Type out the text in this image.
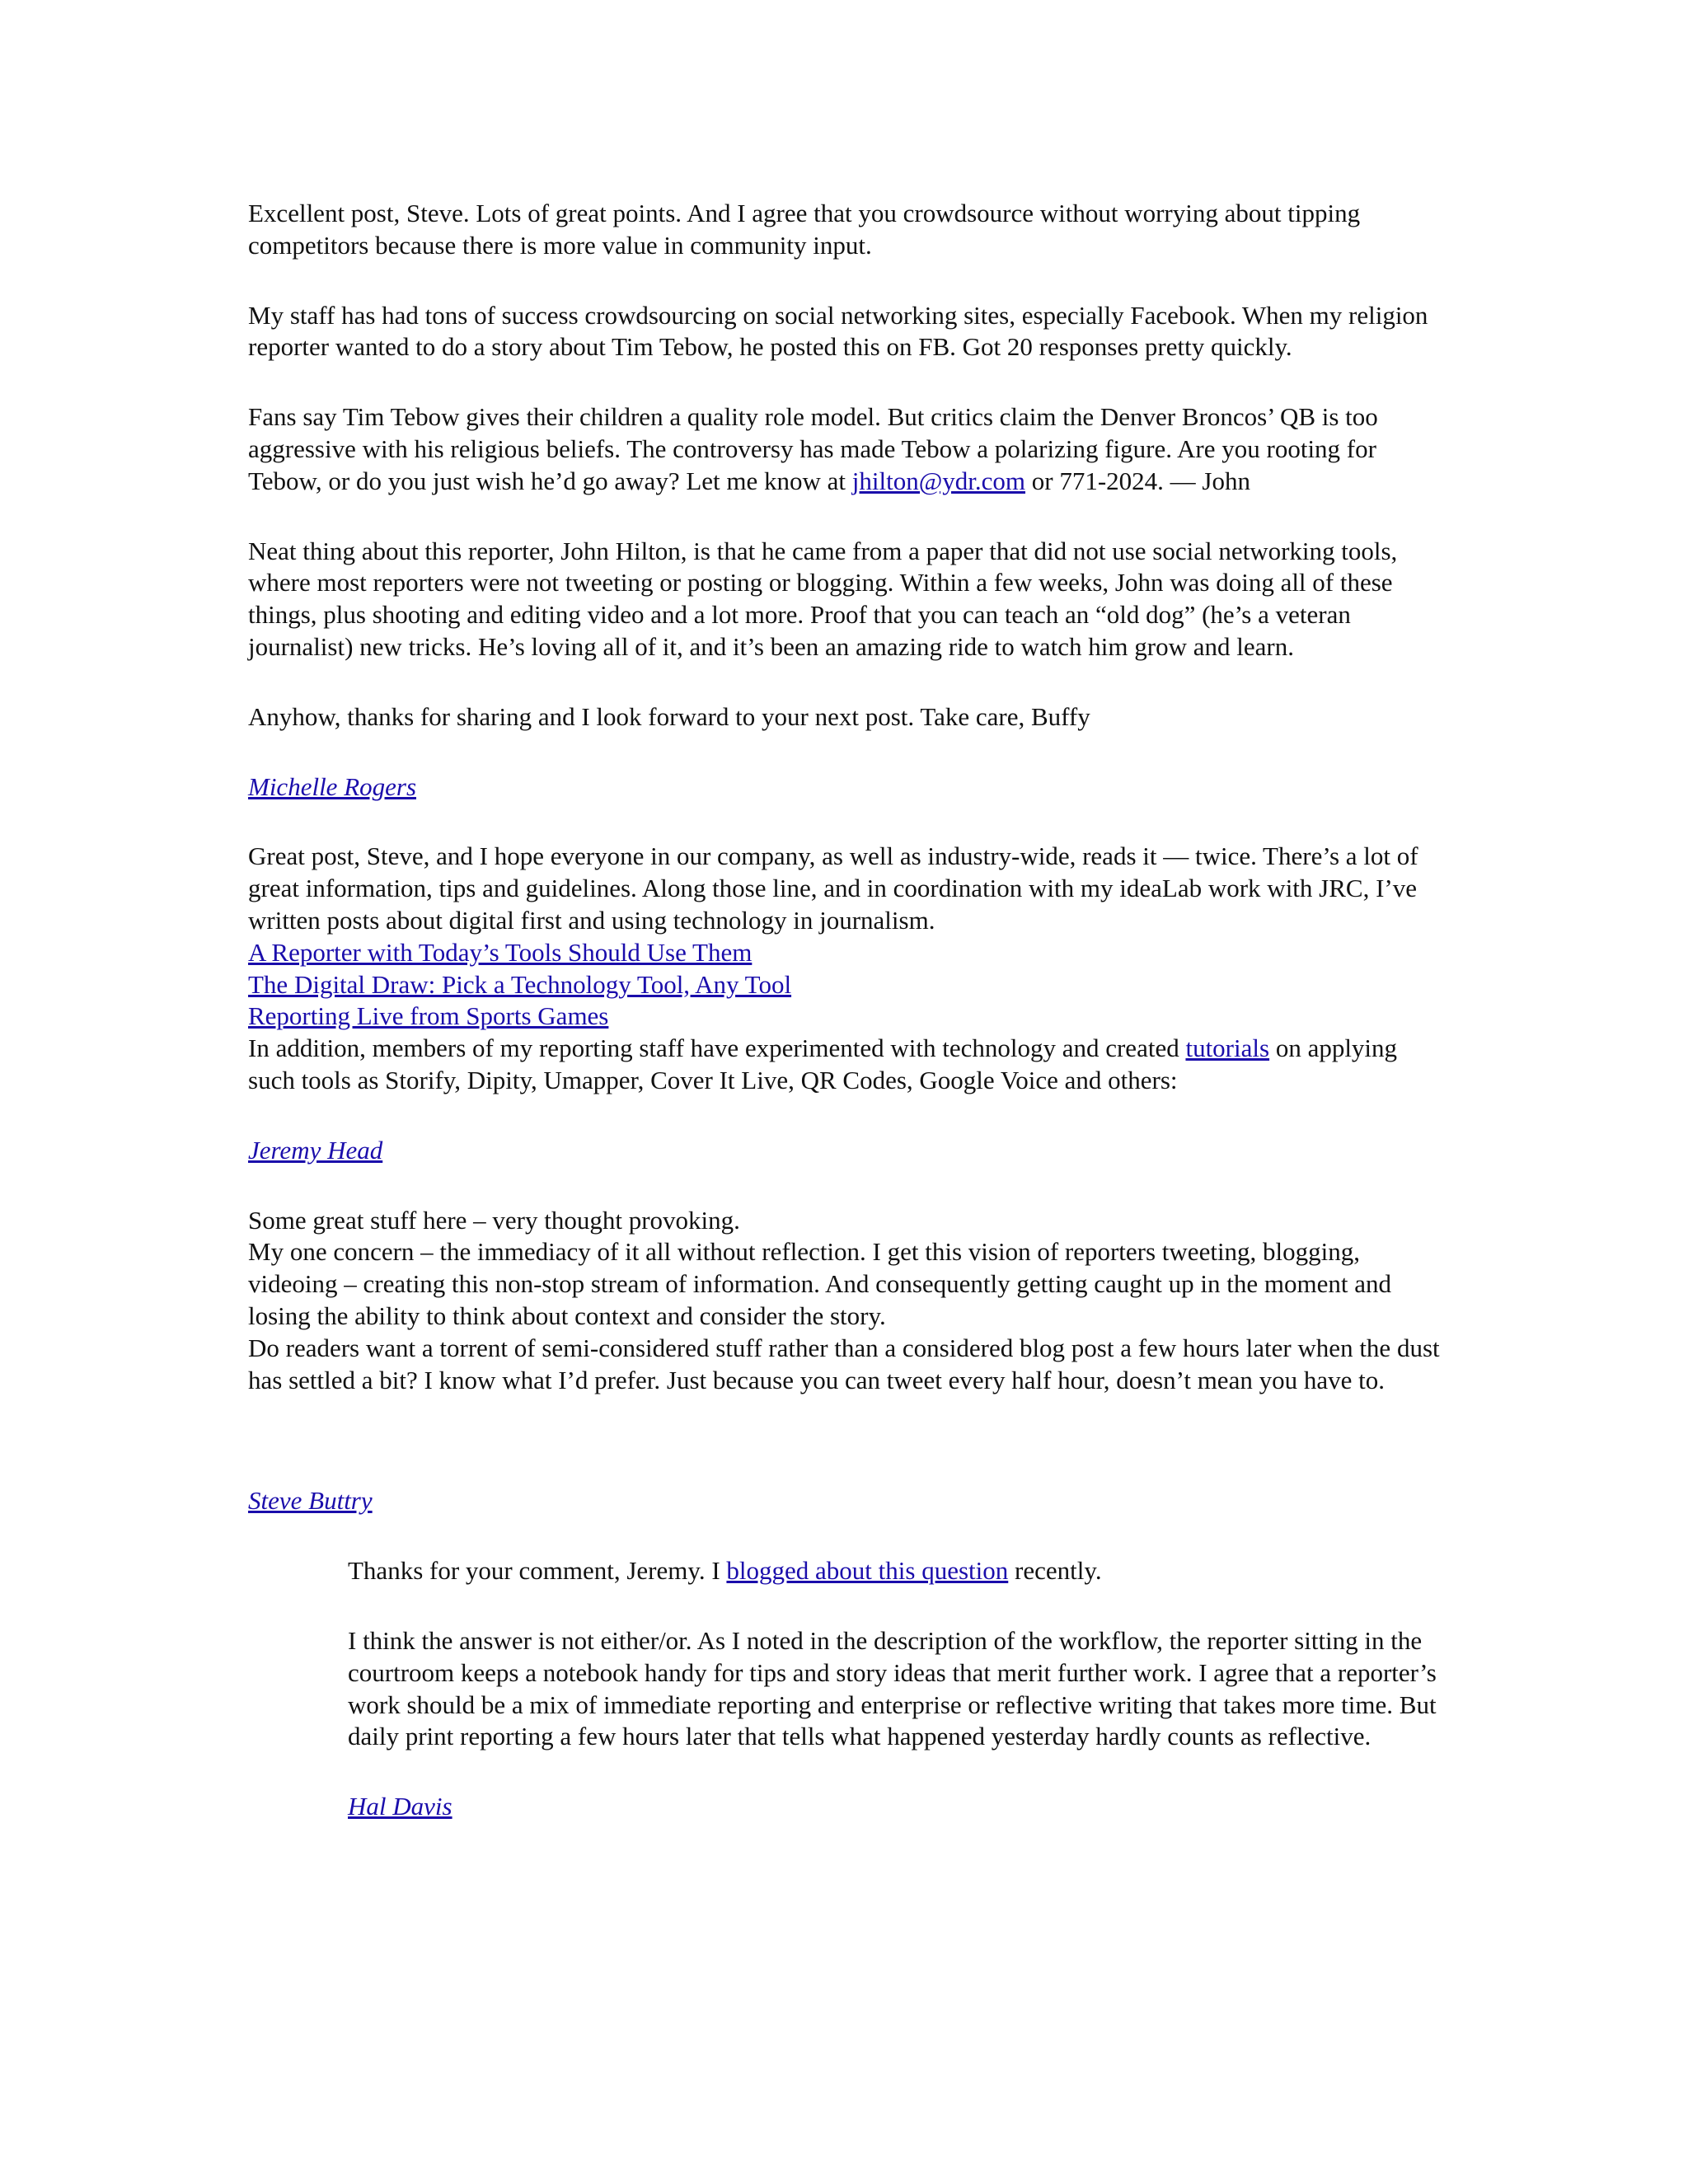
Excellent post, Steve. Lots of great points. And I agree that you crowdsource without worrying about tipping competitors because there is more value in community input.

My staff has had tons of success crowdsourcing on social networking sites, especially Facebook. When my religion reporter wanted to do a story about Tim Tebow, he posted this on FB. Got 20 responses pretty quickly.

Fans say Tim Tebow gives their children a quality role model. But critics claim the Denver Broncos’ QB is too aggressive with his religious beliefs. The controversy has made Tebow a polarizing figure. Are you rooting for Tebow, or do you just wish he’d go away? Let me know at jhilton@ydr.com or 771-2024. — John

Neat thing about this reporter, John Hilton, is that he came from a paper that did not use social networking tools, where most reporters were not tweeting or posting or blogging. Within a few weeks, John was doing all of these things, plus shooting and editing video and a lot more. Proof that you can teach an “old dog” (he’s a veteran journalist) new tricks. He’s loving all of it, and it’s been an amazing ride to watch him grow and learn.

Anyhow, thanks for sharing and I look forward to your next post. Take care, Buffy

Michelle Rogers

Great post, Steve, and I hope everyone in our company, as well as industry-wide, reads it — twice. There’s a lot of great information, tips and guidelines. Along those line, and in coordination with my ideaLab work with JRC, I’ve written posts about digital first and using technology in journalism.

A Reporter with Today’s Tools Should Use Them

The Digital Draw: Pick a Technology Tool, Any Tool

Reporting Live from Sports Games

In addition, members of my reporting staff have experimented with technology and created tutorials on applying such tools as Storify, Dipity, Umapper, Cover It Live, QR Codes, Google Voice and others:

Jeremy Head

Some great stuff here – very thought provoking.

My one concern – the immediacy of it all without reflection. I get this vision of reporters tweeting, blogging, videoing – creating this non-stop stream of information. And consequently getting caught up in the moment and losing the ability to think about context and consider the story.

Do readers want a torrent of semi-considered stuff rather than a considered blog post a few hours later when the dust has settled a bit? I know what I’d prefer. Just because you can tweet every half hour, doesn’t mean you have to.

Steve Buttry

Thanks for your comment, Jeremy. I blogged about this question recently.

I think the answer is not either/or. As I noted in the description of the workflow, the reporter sitting in the courtroom keeps a notebook handy for tips and story ideas that merit further work. I agree that a reporter’s work should be a mix of immediate reporting and enterprise or reflective writing that takes more time. But daily print reporting a few hours later that tells what happened yesterday hardly counts as reflective.

Hal Davis
